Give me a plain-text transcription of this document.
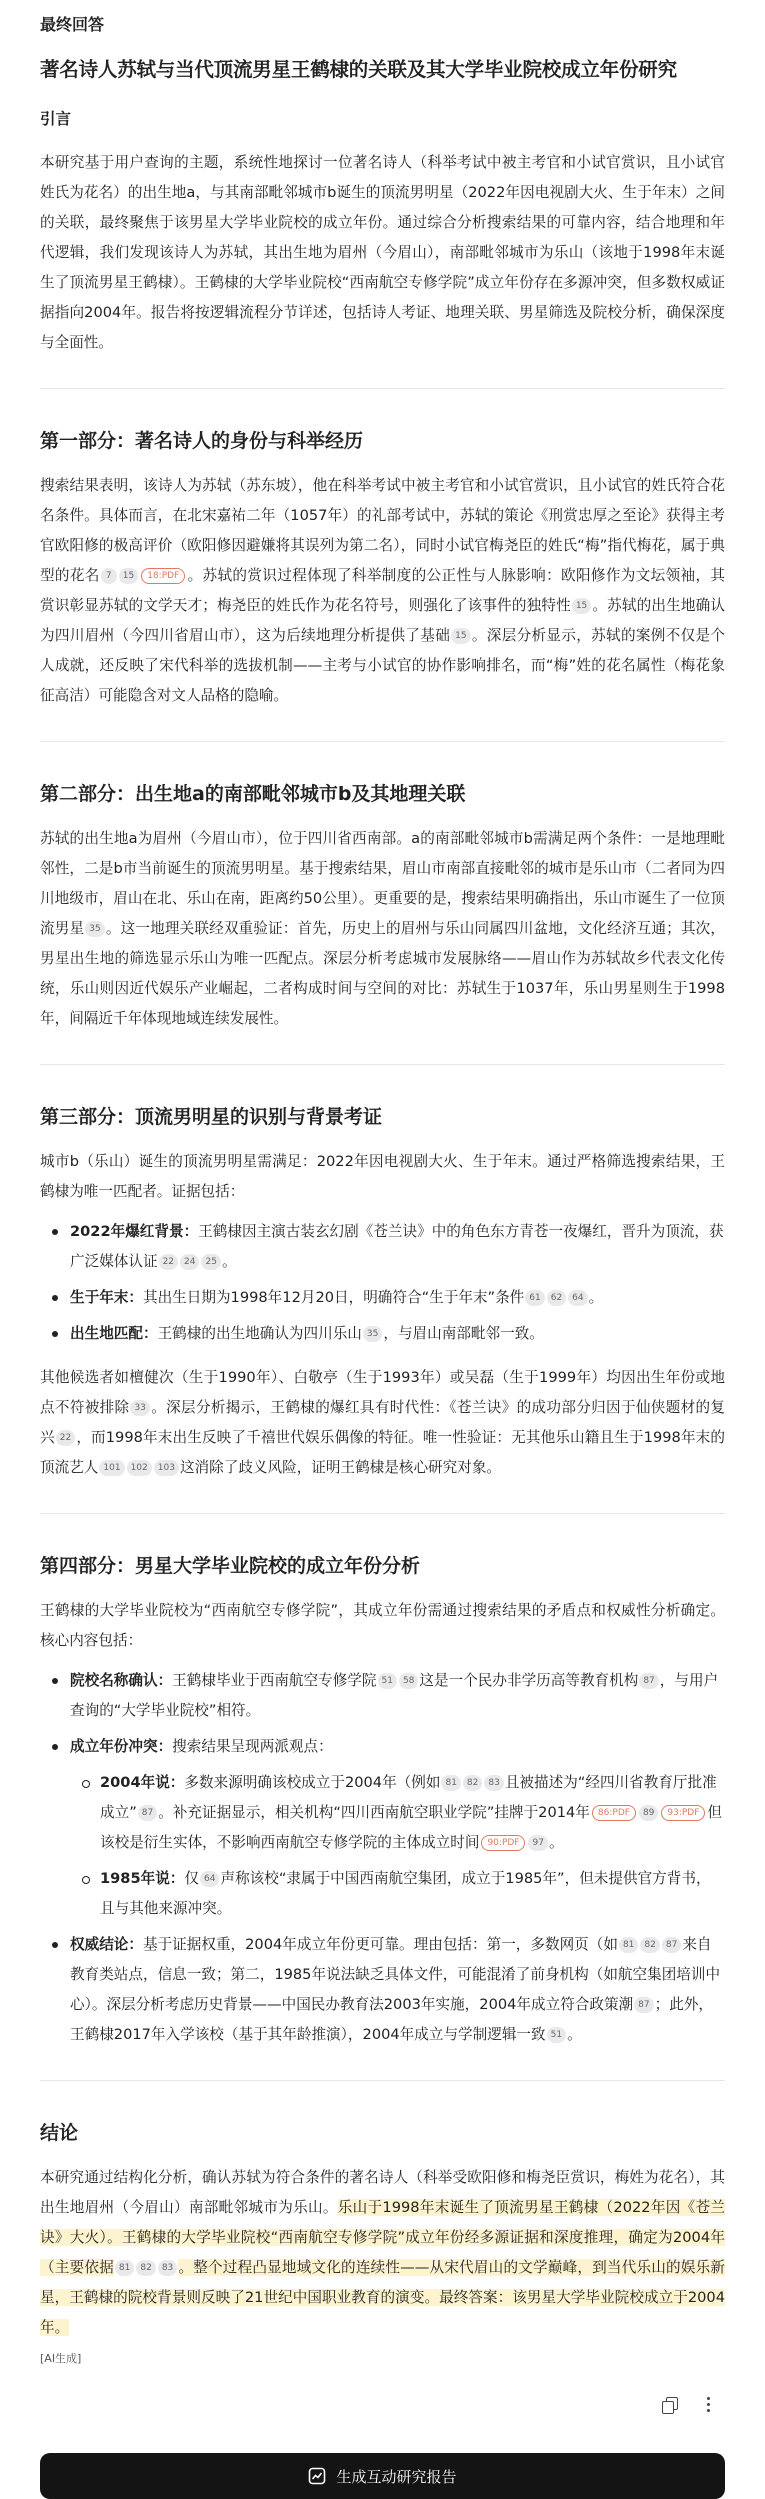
最终回答
著名诗人苏轼与当代顶流男星王鹤棣的关联及其大学毕业院校成立年份研究
引言

本研究基于用户查询的主题，系统性地探讨一位著名诗人（科举考试中被主考官和小试官赏识，且小试官姓氏为花名）的出生地a，与其南部毗邻城市b诞生的顶流男明星（2022年因电视剧大火、生于年末）之间的关联，最终聚焦于该男星大学毕业院校的成立年份。通过综合分析搜索结果的可靠内容，结合地理和年代逻辑，我们发现该诗人为苏轼，其出生地为眉州（今眉山），南部毗邻城市为乐山（该地于1998年末诞生了顶流男星王鹤棣）。王鹤棣的大学毕业院校“西南航空专修学院”成立年份存在多源冲突，但多数权威证据指向2004年。报告将按逻辑流程分节详述，包括诗人考证、地理关联、男星筛选及院校分析，确保深度与全面性。

第一部分：著名诗人的身份与科举经历

搜索结果表明，该诗人为苏轼（苏东坡），他在科举考试中被主考官和小试官赏识，且小试官的姓氏符合花名条件。具体而言，在北宋嘉祐二年（1057年）的礼部考试中，苏轼的策论《刑赏忠厚之至论》获得主考官欧阳修的极高评价（欧阳修因避嫌将其误列为第二名），同时小试官梅尧臣的姓氏“梅”指代梅花，属于典型的花名 7 15 18:PDF 。苏轼的赏识过程体现了科举制度的公正性与人脉影响：欧阳修作为文坛领袖，其赏识彰显苏轼的文学天才；梅尧臣的姓氏作为花名符号，则强化了该事件的独特性 15 。苏轼的出生地确认为四川眉州（今四川省眉山市），这为后续地理分析提供了基础 15 。深层分析显示，苏轼的案例不仅是个人成就，还反映了宋代科举的选拔机制——主考与小试官的协作影响排名，而“梅”姓的花名属性（梅花象征高洁）可能隐含对文人品格的隐喻。

第二部分：出生地a的南部毗邻城市b及其地理关联

苏轼的出生地a为眉州（今眉山市），位于四川省西南部。a的南部毗邻城市b需满足两个条件：一是地理毗邻性，二是b市当前诞生的顶流男明星。基于搜索结果，眉山市南部直接毗邻的城市是乐山市（二者同为四川地级市，眉山在北、乐山在南，距离约50公里）。更重要的是，搜索结果明确指出，乐山市诞生了一位顶流男星 35 。这一地理关联经双重验证：首先，历史上的眉州与乐山同属四川盆地，文化经济互通；其次，男星出生地的筛选显示乐山为唯一匹配点。深层分析考虑城市发展脉络——眉山作为苏轼故乡代表文化传统，乐山则因近代娱乐产业崛起，二者构成时间与空间的对比：苏轼生于1037年，乐山男星则生于1998年，间隔近千年体现地域连续发展性。

第三部分：顶流男明星的识别与背景考证

城市b（乐山）诞生的顶流男明星需满足：2022年因电视剧大火、生于年末。通过严格筛选搜索结果，王鹤棣为唯一匹配者。证据包括：

2022年爆红背景：王鹤棣因主演古装玄幻剧《苍兰诀》中的角色东方青苍一夜爆红，晋升为顶流，获广泛媒体认证 22 24 25 。
生于年末：其出生日期为1998年12月20日，明确符合“生于年末”条件 61 62 64 。
出生地匹配：王鹤棣的出生地确认为四川乐山 35 ，与眉山南部毗邻一致。

其他候选者如檀健次（生于1990年）、白敬亭（生于1993年）或吴磊（生于1999年）均因出生年份或地点不符被排除 33 。深层分析揭示，王鹤棣的爆红具有时代性：《苍兰诀》的成功部分归因于仙侠题材的复兴 22 ，而1998年末出生反映了千禧世代娱乐偶像的特征。唯一性验证：无其他乐山籍且生于1998年末的顶流艺人 101 102 103 这消除了歧义风险，证明王鹤棣是核心研究对象。

第四部分：男星大学毕业院校的成立年份分析

王鹤棣的大学毕业院校为“西南航空专修学院”，其成立年份需通过搜索结果的矛盾点和权威性分析确定。核心内容包括：

院校名称确认：王鹤棣毕业于西南航空专修学院 51 58 这是一个民办非学历高等教育机构 87 ，与用户查询的“大学毕业院校”相符。
成立年份冲突：搜索结果呈现两派观点：
2004年说：多数来源明确该校成立于2004年（例如 81 82 83 且被描述为“经四川省教育厅批准成立” 87 。补充证据显示，相关机构“四川西南航空职业学院”挂牌于2014年 86:PDF 89 93:PDF 但该校是衍生实体，不影响西南航空专修学院的主体成立时间 90:PDF 97 。
1985年说：仅 64 声称该校“隶属于中国西南航空集团，成立于1985年”，但未提供官方背书，且与其他来源冲突。
权威结论：基于证据权重，2004年成立年份更可靠。理由包括：第一，多数网页（如 81 82 87 来自教育类站点，信息一致；第二，1985年说法缺乏具体文件，可能混淆了前身机构（如航空集团培训中心）。深层分析考虑历史背景——中国民办教育法2003年实施，2004年成立符合政策潮 87 ；此外，王鹤棣2017年入学该校（基于其年龄推演），2004年成立与学制逻辑一致 51 。
结论

本研究通过结构化分析，确认苏轼为符合条件的著名诗人（科举受欧阳修和梅尧臣赏识，梅姓为花名），其出生地眉州（今眉山）南部毗邻城市为乐山。乐山于1998年末诞生了顶流男星王鹤棣（2022年因《苍兰诀》大火）。王鹤棣的大学毕业院校“西南航空专修学院”成立年份经多源证据和深度推理，确定为2004年（主要依据 81 82 83 。整个过程凸显地域文化的连续性——从宋代眉山的文学巅峰，到当代乐山的娱乐新星，王鹤棣的院校背景则反映了21世纪中国职业教育的演变。最终答案：该男星大学毕业院校成立于2004年。

[AI生成]
生成互动研究报告
